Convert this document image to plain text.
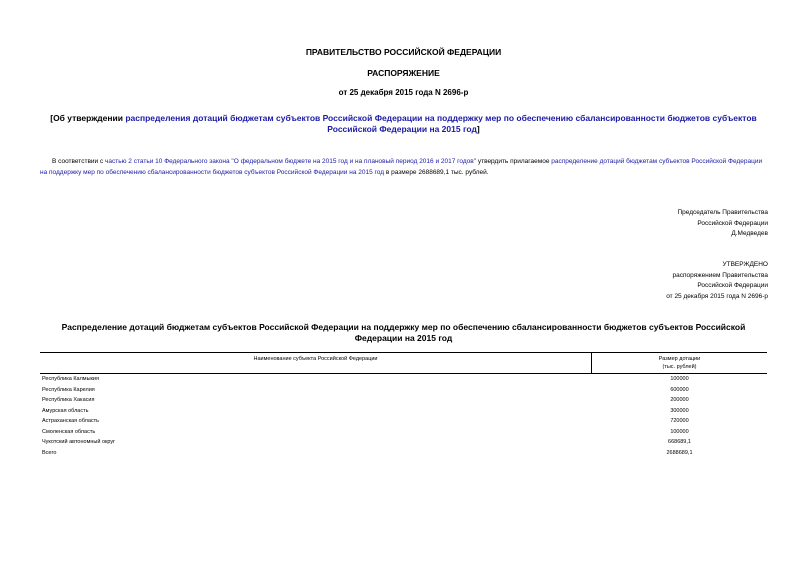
ПРАВИТЕЛЬСТВО РОССИЙСКОЙ ФЕДЕРАЦИИ
РАСПОРЯЖЕНИЕ
от 25 декабря 2015 года N 2696-р
[Об утверждении распределения дотаций бюджетам субъектов Российской Федерации на поддержку мер по обеспечению сбалансированности бюджетов субъектов Российской Федерации на 2015 год]
В соответствии с частью 2 статьи 10 Федерального закона "О федеральном бюджете на 2015 год и на плановый период 2016 и 2017 годов" утвердить прилагаемое распределение дотаций бюджетам субъектов Российской Федерации на поддержку мер по обеспечению сбалансированности бюджетов субъектов Российской Федерации на 2015 год в размере 2688689,1 тыс. рублей.
Председатель Правительства
Российской Федерации
Д.Медведев
УТВЕРЖДЕНО
распоряжением Правительства
Российской Федерации
от 25 декабря 2015 года N 2696-р
Распределение дотаций бюджетам субъектов Российской Федерации на поддержку мер по обеспечению сбалансированности бюджетов субъектов Российской Федерации на 2015 год
Наименование субъекта Российской Федерации	Размер дотации
(тыс. рублей)
Республика Калмыкия	100000
Республика Карелия	600000
Республика Хакасия	200000
Амурская область	300000
Астраханская область	720000
Смоленская область	100000
Чукотский автономный округ	668689,1
Всего	2688689,1
